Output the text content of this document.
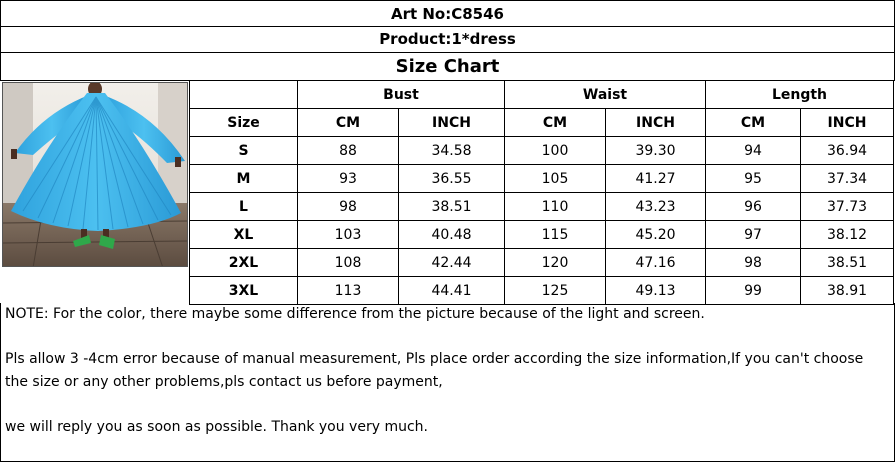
Art No:C8546
Product:1*dress
Size Chart
	Bust		Waist		Length	
Size	CM	INCH	CM	INCH	CM	INCH
S	88	34.58	100	39.30	94	36.94
M	93	36.55	105	41.27	95	37.34
L	98	38.51	110	43.23	96	37.73
XL	103	40.48	115	45.20	97	38.12
2XL	108	42.44	120	47.16	98	38.51
3XL	113	44.41	125	49.13	99	38.91

NOTE: For the color, there maybe some difference from the picture because of the light and screen.

Pls allow 3 -4cm error because of manual measurement, Pls place order according the size information,If you can't choose

the size or any other problems,pls contact us before payment,

we will reply you as soon as possible. Thank you very much.
